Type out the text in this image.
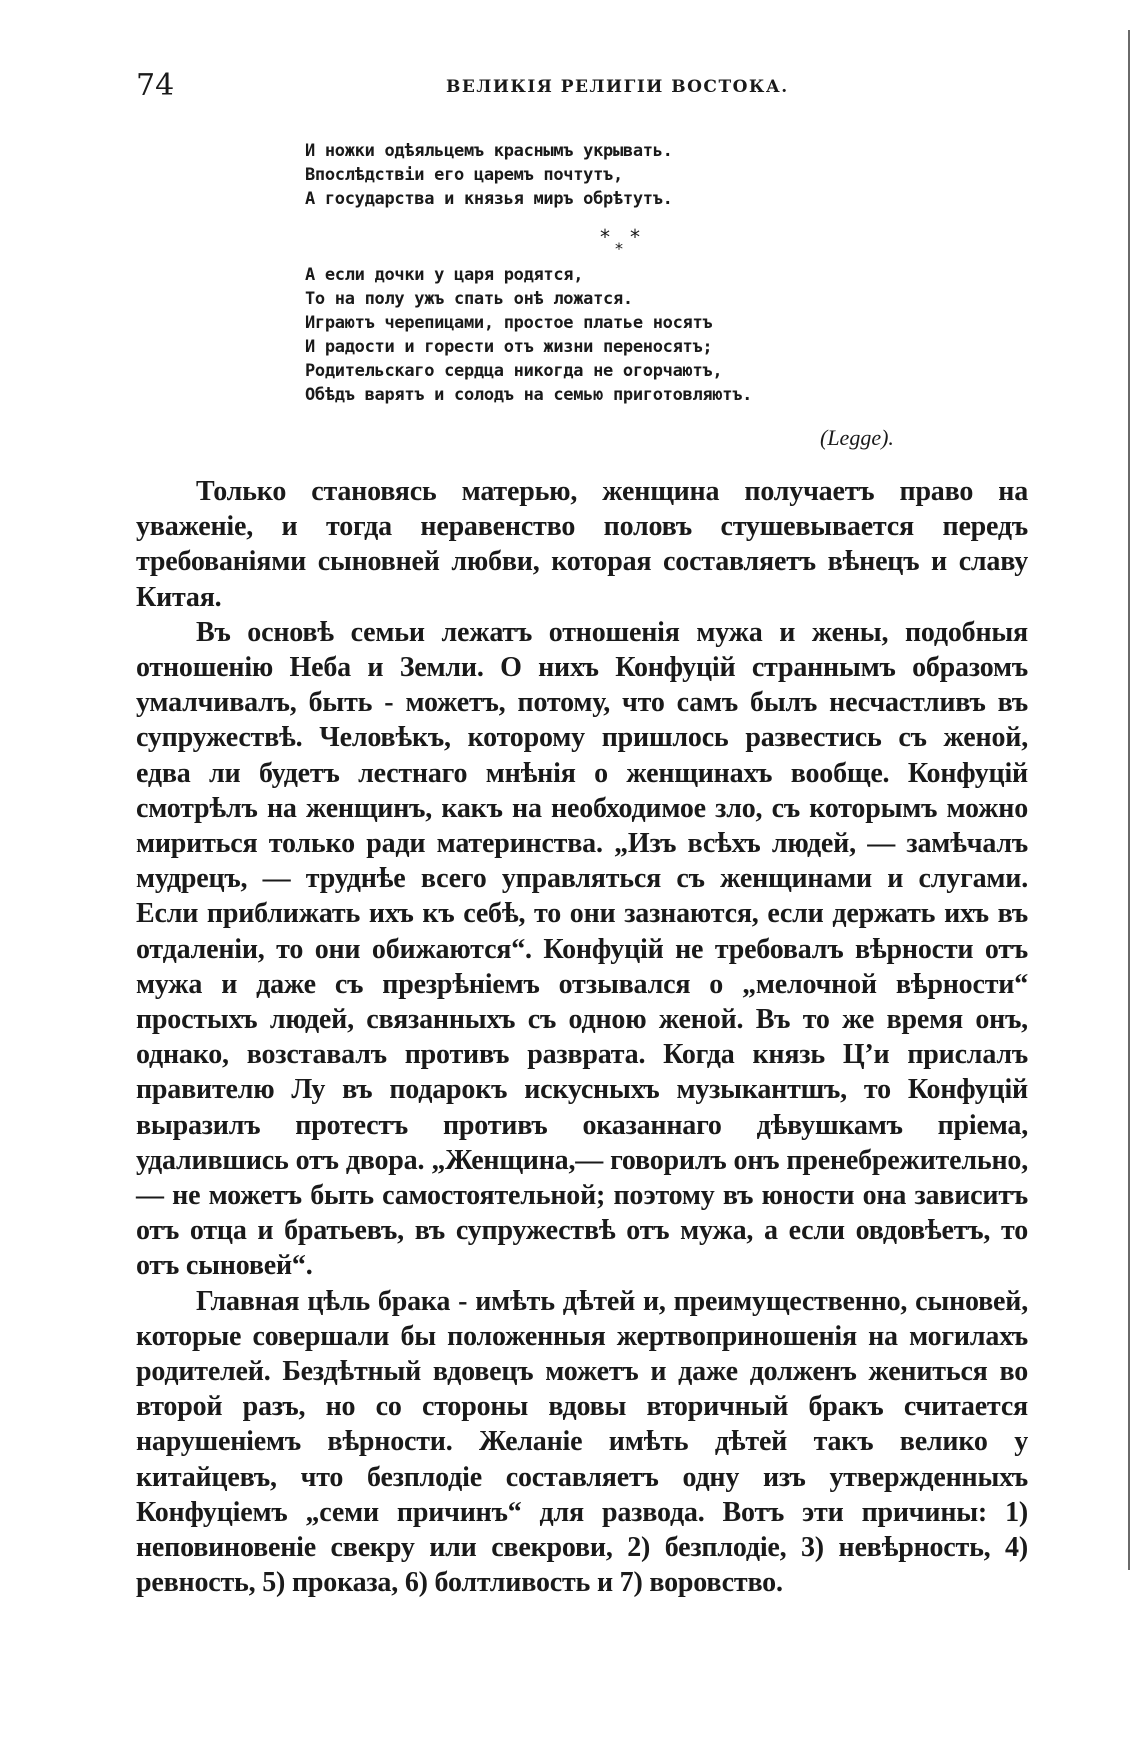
74	ВЕЛИКІЯ РЕЛИГІИ ВОСТОКА.
И ножки одѣяльцемъ краснымъ укрывать.
Впослѣдствіи его царемъ почтутъ,
А государства и князья миръ обрѣтутъ.
* *
*
А если дочки у царя родятся,
То на полу ужъ спать онѣ ложатся.
Играютъ черепицами, простое платье носятъ
И радости и горести отъ жизни переносятъ;
Родительскаго сердца никогда не огорчаютъ,
Обѣдъ варятъ и солодъ на семью приготовляютъ.
(Legge).

Только становясь матерью, женщина получаетъ право на уваженіе, и тогда неравенство половъ стушевывается передъ требованіями сыновней любви, которая составляетъ вѣнецъ и славу Китая.

Въ основѣ семьи лежатъ отношенія мужа и жены, подобныя отношенію Неба и Земли. О нихъ Конфуцій страннымъ образомъ умалчивалъ, быть - можетъ, потому, что самъ былъ несчастливъ въ супружествѣ. Человѣкъ, которому пришлось развестись съ женой, едва ли будетъ лестнаго мнѣнія о женщинахъ вообще. Конфуцій смотрѣлъ на женщинъ, какъ на необходимое зло, съ которымъ можно мириться только ради материнства. „Изъ всѣхъ людей, — замѣчалъ мудрецъ, — труднѣе всего управляться съ женщинами и слугами. Если приближать ихъ къ себѣ, то они зазнаются, если держать ихъ въ отдаленіи, то они обижаются“. Конфуцій не требовалъ вѣрности отъ мужа и даже съ презрѣніемъ отзывался о „мелочной вѣрности“ простыхъ людей, связанныхъ съ одною женой. Въ то же время онъ, однако, возставалъ противъ разврата. Когда князь Ц’и прислалъ правителю Лу въ подарокъ искусныхъ музыкантшъ, то Конфуцій выразилъ протестъ противъ оказаннаго дѣвушкамъ пріема, удалившись отъ двора. „Женщина,— говорилъ онъ пренебрежительно, — не можетъ быть самостоятельной; поэтому въ юности она зависитъ отъ отца и братьевъ, въ супружествѣ отъ мужа, а если овдовѣетъ, то отъ сыновей“.

Главная цѣль брака - имѣть дѣтей и, преимущественно, сыновей, которые совершали бы положенныя жертвоприношенія на могилахъ родителей. Бездѣтный вдовецъ можетъ и даже долженъ жениться во второй разъ, но со стороны вдовы вторичный бракъ считается нарушеніемъ вѣрности. Желаніе имѣть дѣтей такъ велико у китайцевъ, что безплодіе составляетъ одну изъ утвержденныхъ Конфуціемъ „семи причинъ“ для развода. Вотъ эти причины: 1) неповиновеніе свекру или свекрови, 2) безплодіе, 3) невѣрность, 4) ревность, 5) проказа, 6) болтливость и 7) воровство.
